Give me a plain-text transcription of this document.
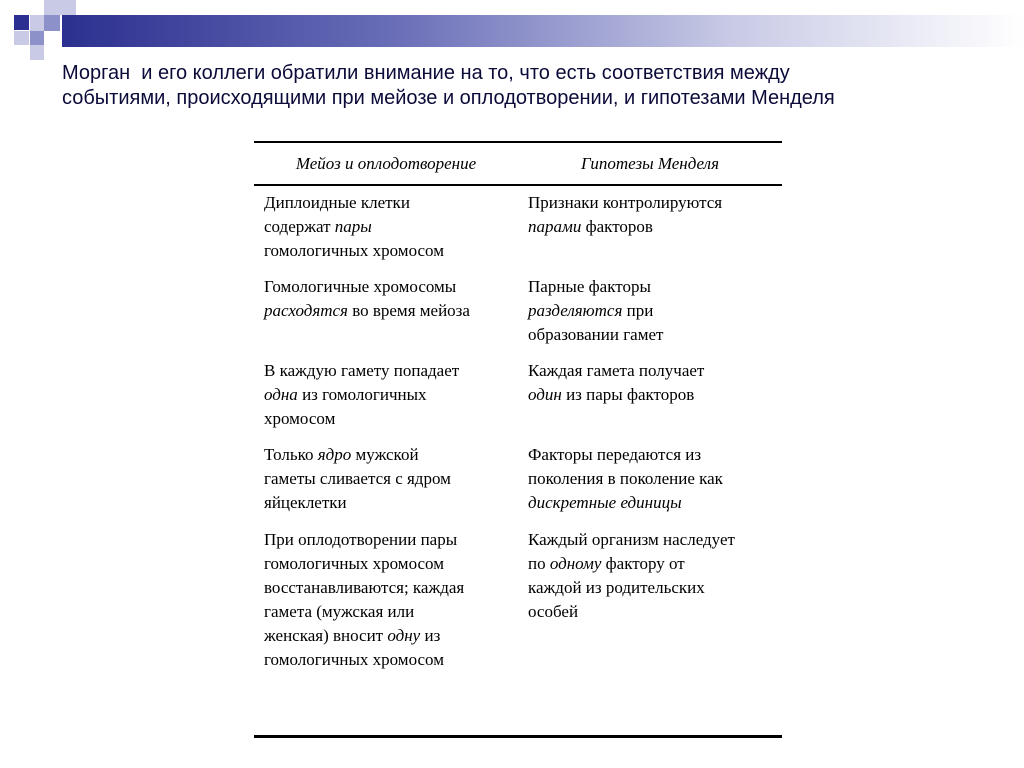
Морган  и его коллеги обратили внимание на то, что есть соответствия между
событиями, происходящими при мейозе и оплодотворении, и гипотезами Менделя
Мейоз и оплодотворение	Гипотезы Менделя
Диплоидные клетки
содержат пары
гомологичных хромосом
Признаки контролируются
парами факторов
Гомологичные хромосомы
расходятся во время мейоза
Парные факторы
разделяются при
образовании гамет
В каждую гамету попадает
одна из гомологичных
хромосом
Каждая гамета получает
один из пары факторов
Только ядро мужской
гаметы сливается с ядром
яйцеклетки
Факторы передаются из
поколения в поколение как
дискретные единицы
При оплодотворении пары
гомологичных хромосом
восстанавливаются; каждая
гамета (мужская или
женская) вносит одну из
гомологичных хромосом
Каждый организм наследует
по одному фактору от
каждой из родительских
особей
